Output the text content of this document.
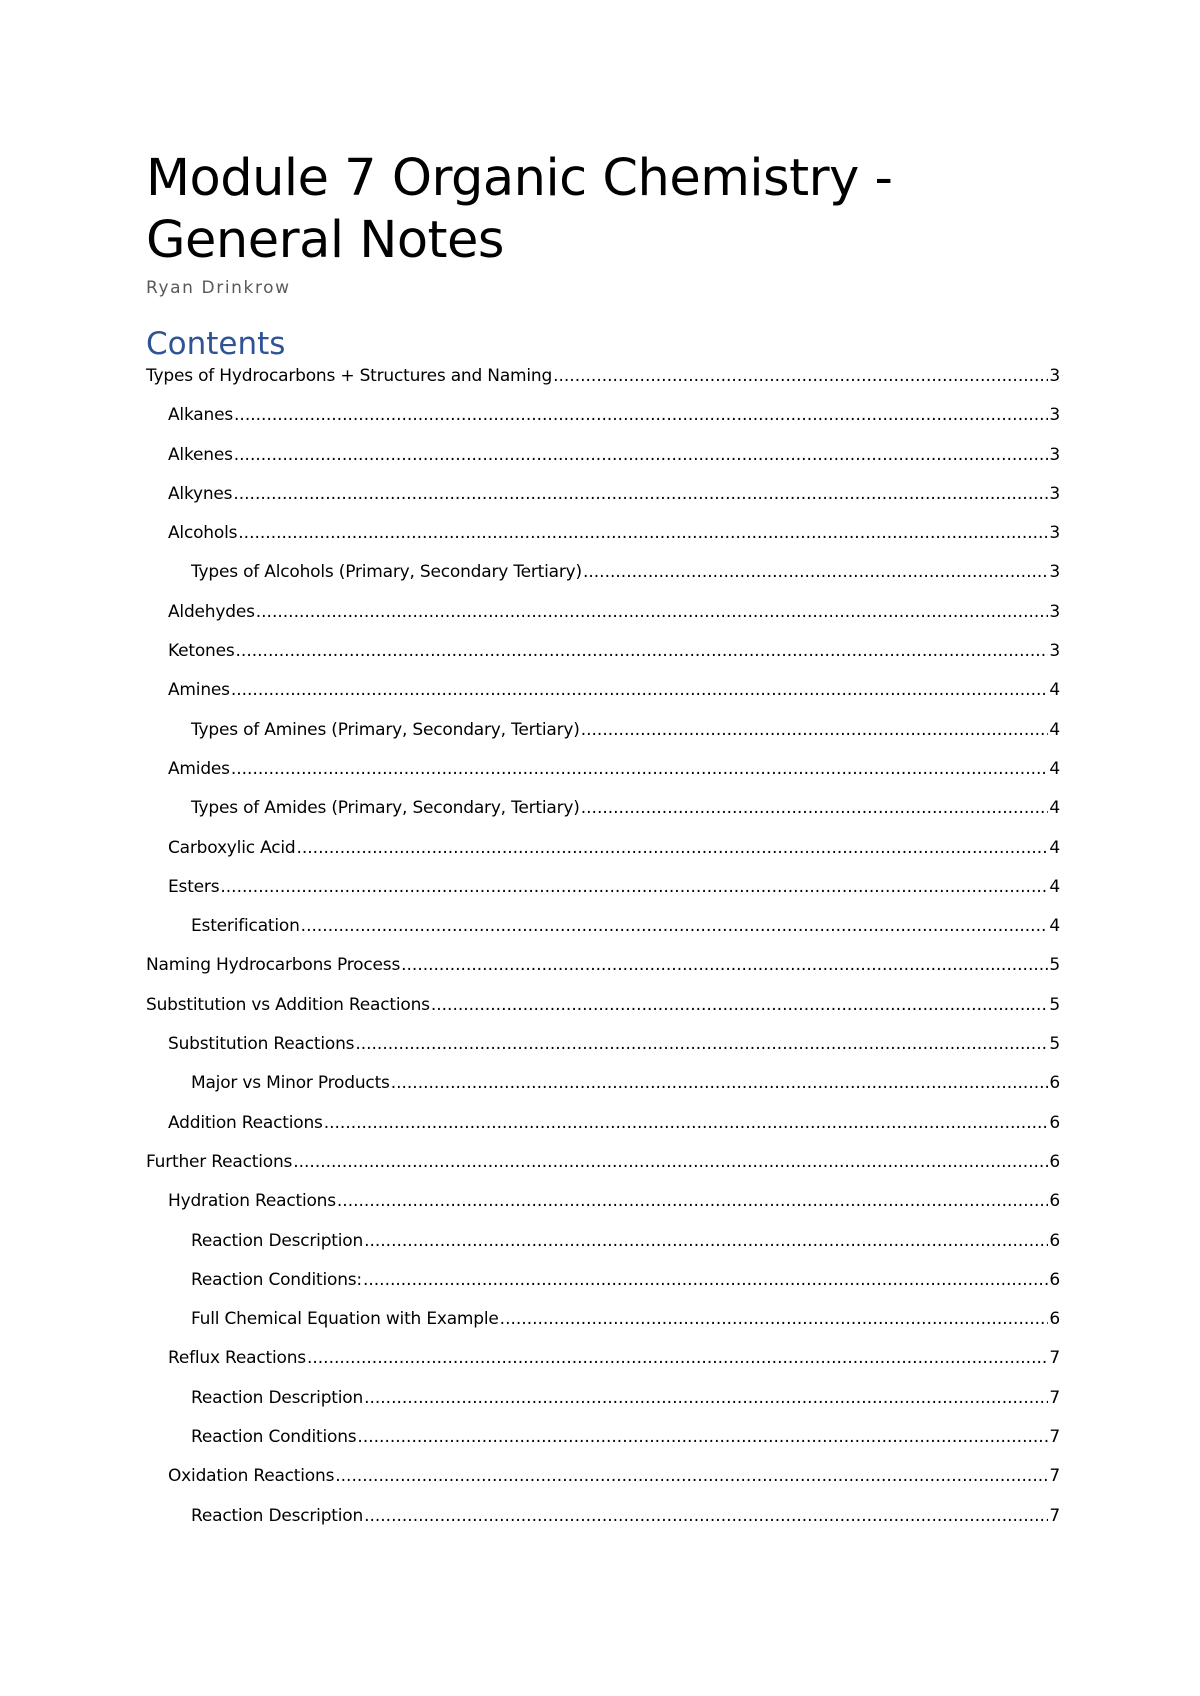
Module 7 Organic Chemistry -
General Notes
Ryan Drinkrow
Contents
Types of Hydrocarbons + Structures and Naming .....	3
Alkanes .....	3
Alkenes .....	3
Alkynes .....	3
Alcohols .....	3
Types of Alcohols (Primary, Secondary Tertiary) .....	3
Aldehydes .....	3
Ketones .....	3
Amines .....	4
Types of Amines (Primary, Secondary, Tertiary) .....	4
Amides .....	4
Types of Amides (Primary, Secondary, Tertiary) .....	4
Carboxylic Acid .....	4
Esters .....	4
Esterification .....	4
Naming Hydrocarbons Process .....	5
Substitution vs Addition Reactions .....	5
Substitution Reactions .....	5
Major vs Minor Products .....	6
Addition Reactions .....	6
Further Reactions .....	6
Hydration Reactions .....	6
Reaction Description .....	6
Reaction Conditions: .....	6
Full Chemical Equation with Example .....	6
Reflux Reactions .....	7
Reaction Description .....	7
Reaction Conditions .....	7
Oxidation Reactions .....	7
Reaction Description .....	7
